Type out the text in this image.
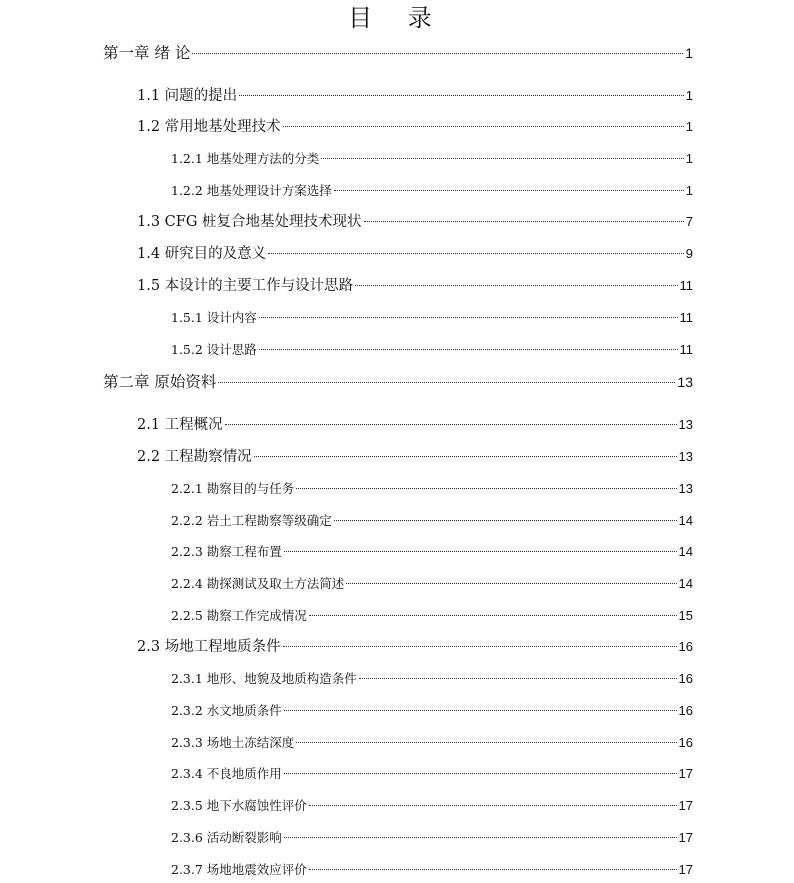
目 录
第一章 绪 论	1
1.1 问题的提出	1
1.2 常用地基处理技术	1
1.2.1 地基处理方法的分类	1
1.2.2 地基处理设计方案选择	1
1.3 CFG 桩复合地基处理技术现状	7
1.4 研究目的及意义	9
1.5 本设计的主要工作与设计思路	11
1.5.1 设计内容	11
1.5.2 设计思路	11
第二章 原始资料	13
2.1 工程概况	13
2.2 工程勘察情况	13
2.2.1 勘察目的与任务	13
2.2.2 岩土工程勘察等级确定	14
2.2.3 勘察工程布置	14
2.2.4 勘探测试及取土方法简述	14
2.2.5 勘察工作完成情况	15
2.3 场地工程地质条件	16
2.3.1 地形、地貌及地质构造条件	16
2.3.2 水文地质条件	16
2.3.3 场地土冻结深度	16
2.3.4 不良地质作用	17
2.3.5 地下水腐蚀性评价	17
2.3.6 活动断裂影响	17
2.3.7 场地地震效应评价	17
